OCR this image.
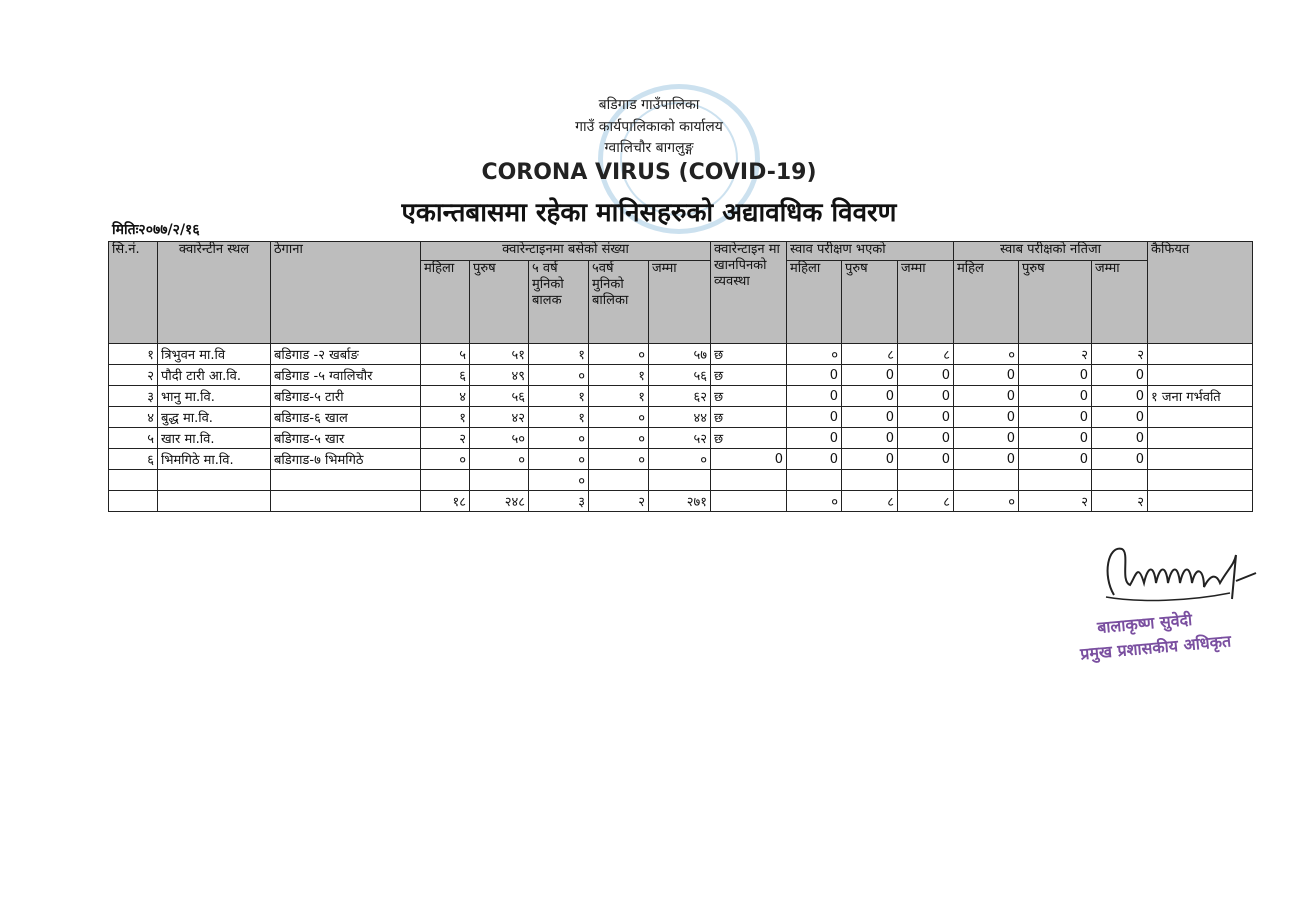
बडिगाड गाउँपालिका
गाउँ कार्यपालिकाको कार्यालय
ग्वालिचौर बागलुङ्ग
CORONA VIRUS (COVID-19)
एकान्तबासमा रहेका मानिसहरुको अद्यावधिक विवरण
मितिः२०७७/२/१६
सि.नं.	क्वारेन्टीन स्थल	ठेगाना	क्वारेन्टाइनमा बसेको संख्या					क्वारेन्टाइन मा खानपिनको व्यवस्था	स्वाव परीक्षण भएको			स्वाब परीक्षको नतिजा			कैफियत
			महिला	पुरुष	५ वर्ष मुनिको बालक	५वर्ष मुनिको बालिका	जम्मा		महिला	पुरुष	जम्मा	महिल	पुरुष	जम्मा	
१	त्रिभुवन मा.वि	बडिगाड -२ खर्बाङ	५	५१	१	०	५७	छ	०	८	८	०	२	२	
२	पौदी टारी आ.वि.	बडिगाड -५ ग्वालिचौर	६	४९	०	१	५६	छ	0	0	0	0	0	0	
३	भानु मा.वि.	बडिगाड-५ टारी	४	५६	१	१	६२	छ	0	0	0	0	0	0	१ जना गर्भवति
४	बुद्ध मा.वि.	बडिगाड-६ खाल	१	४२	१	०	४४	छ	0	0	0	0	0	0	
५	खार मा.वि.	बडिगाड-५ खार	२	५०	०	०	५२	छ	0	0	0	0	0	0	
६	भिमगिठे मा.वि.	बडिगाड-७ भिमगिठे	०	०	०	०	०	0	0	0	0	0	0	0	
					०										
			१८	२४८	३	२	२७१		०	८	८	०	२	२	
बालाकृष्ण सुवेदी
प्रमुख प्रशासकीय अधिकृत
